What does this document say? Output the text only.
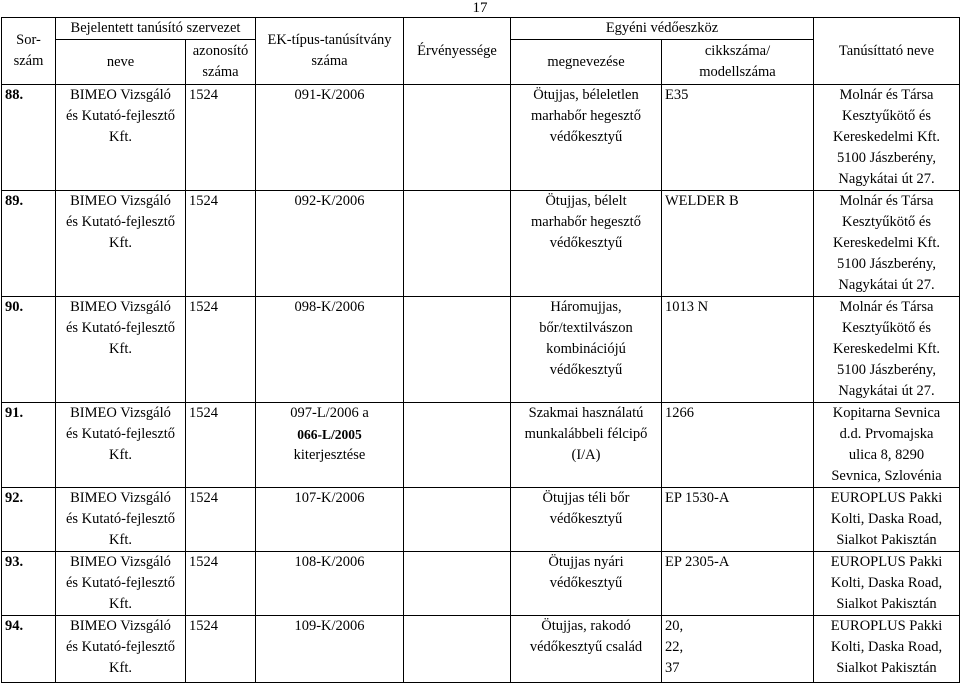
17
Sor-szám	Bejelentett tanúsító szervezet		EK-típus-tanúsítvány száma	Érvényessége	Egyéni védőeszköz		Tanúsíttató neve
	neve	azonosító száma			megnevezése	cikkszáma/ modellszáma	
88.	BIMEO Vizsgáló
és Kutató-fejlesztő
Kft.	1524	091-K/2006		Ötujjas, béleletlen
marhabőr hegesztő
védőkesztyű	E35	Molnár és Társa
Kesztyűkötő és
Kereskedelmi Kft.
5100 Jászberény,
Nagykátai út 27.

89.	BIMEO Vizsgáló
és Kutató-fejlesztő
Kft.	1524	092-K/2006		Ötujjas, bélelt
marhabőr hegesztő
védőkesztyű	WELDER B	Molnár és Társa
Kesztyűkötő és
Kereskedelmi Kft.
5100 Jászberény,
Nagykátai út 27.

90.	BIMEO Vizsgáló
és Kutató-fejlesztő
Kft.	1524	098-K/2006		Háromujjas,
bőr/textilvászon
kombinációjú
védőkesztyű	1013 N	Molnár és Társa
Kesztyűkötő és
Kereskedelmi Kft.
5100 Jászberény,
Nagykátai út 27.

91.	BIMEO Vizsgáló
és Kutató-fejlesztő
Kft.	1524	097-L/2006 a
066-L/2005
kiterjesztése		Szakmai használatú
munkalábbeli félcipő
(I/A)	1266	Kopitarna Sevnica
d.d. Prvomajska
ulica 8, 8290
Sevnica, Szlovénia

92.	BIMEO Vizsgáló
és Kutató-fejlesztő
Kft.	1524	107-K/2006		Ötujjas téli bőr
védőkesztyű	EP 1530-A	EUROPLUS Pakki
Kolti, Daska Road,
Sialkot Pakisztán

93.	BIMEO Vizsgáló
és Kutató-fejlesztő
Kft.	1524	108-K/2006		Ötujjas nyári
védőkesztyű	EP 2305-A	EUROPLUS Pakki
Kolti, Daska Road,
Sialkot Pakisztán

94.	BIMEO Vizsgáló
és Kutató-fejlesztő
Kft.	1524	109-K/2006		Ötujjas, rakodó
védőkesztyű család	20,
22,
37	EUROPLUS Pakki
Kolti, Daska Road,
Sialkot Pakisztán
